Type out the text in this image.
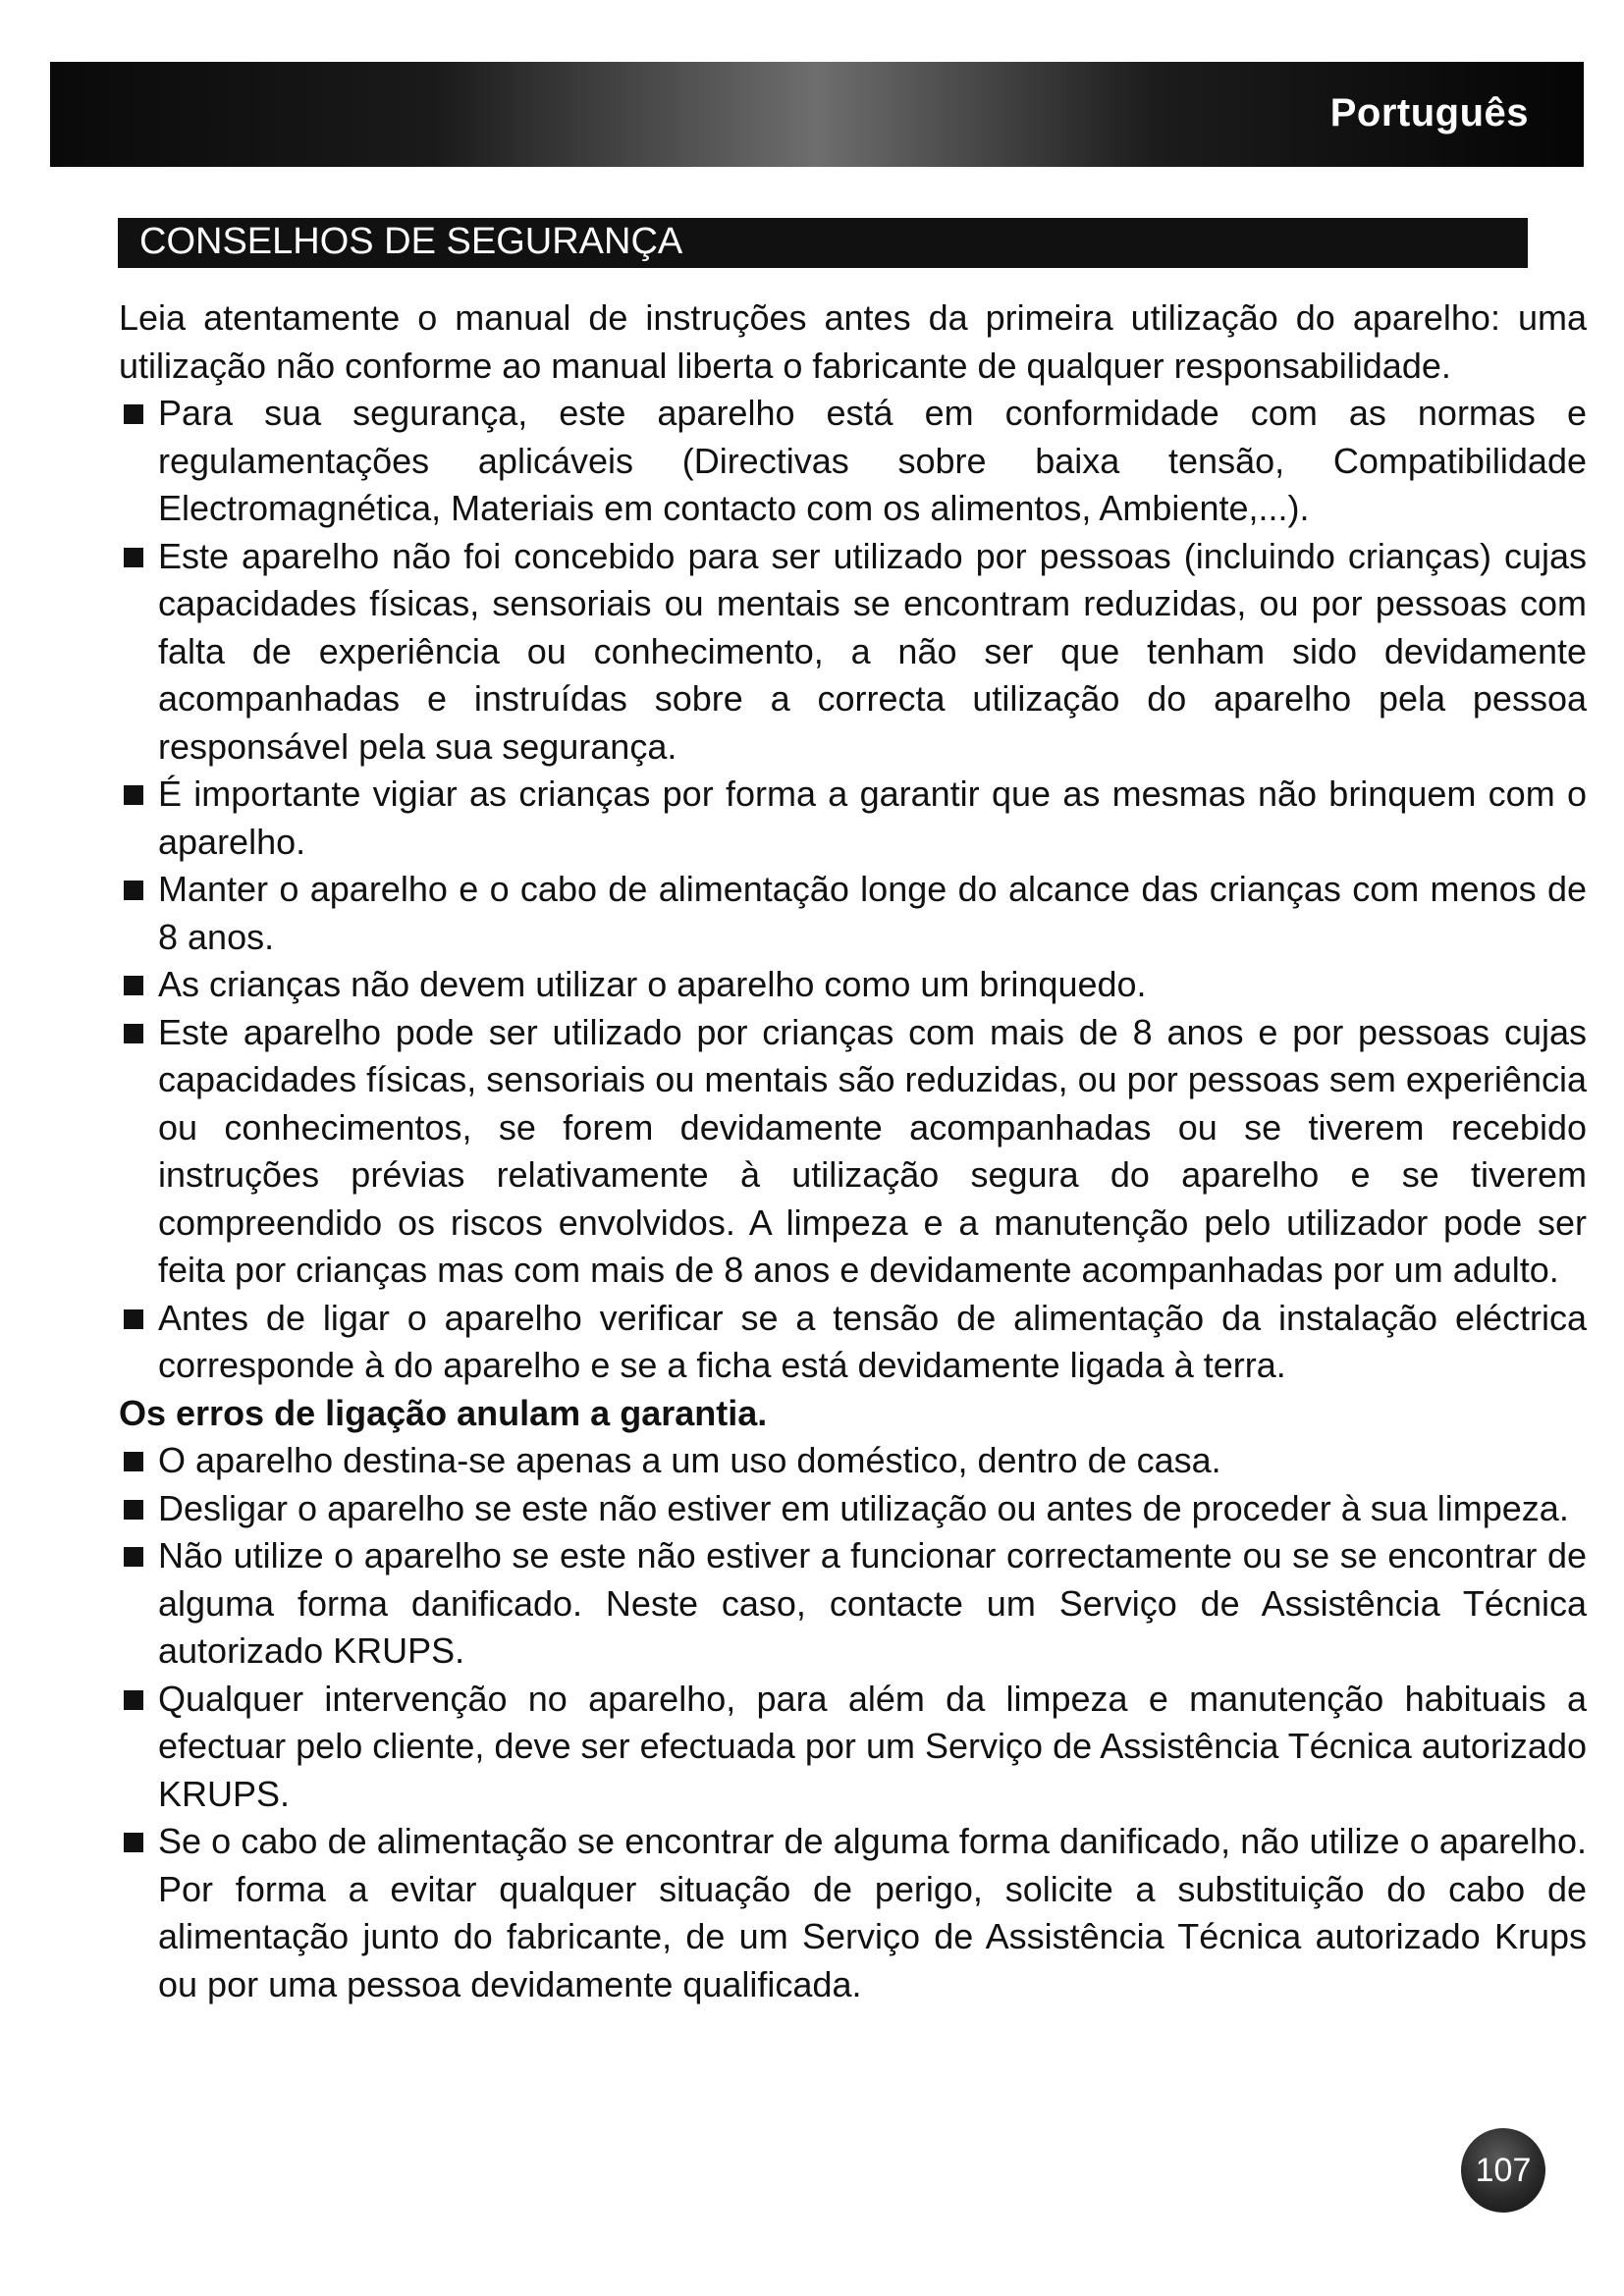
Português
CONSELHOS DE SEGURANÇA

Leia atentamente o manual de instruções antes da primeira utilização do aparelho: uma utilização não conforme ao manual liberta o fabricante de qualquer responsabilidade.

Para sua segurança, este aparelho está em conformidade com as normas e regulamentações aplicáveis (Directivas sobre baixa tensão, Compatibilidade Electromagnética, Materiais em contacto com os alimentos, Ambiente,...).

Este aparelho não foi concebido para ser utilizado por pessoas (incluindo crianças) cujas capacidades físicas, sensoriais ou mentais se encontram reduzidas, ou por pessoas com falta de experiência ou conhecimento, a não ser que tenham sido devidamente acompanhadas e instruídas sobre a correcta utilização do aparelho pela pessoa responsável pela sua segurança.

É importante vigiar as crianças por forma a garantir que as mesmas não brinquem com o aparelho.

Manter o aparelho e o cabo de alimentação longe do alcance das crianças com menos de 8 anos.

As crianças não devem utilizar o aparelho como um brinquedo.

Este aparelho pode ser utilizado por crianças com mais de 8 anos e por pessoas cujas capacidades físicas, sensoriais ou mentais são reduzidas, ou por pessoas sem experiência ou conhecimentos, se forem devidamente acompanhadas ou se tiverem recebido instruções prévias relativamente à utilização segura do aparelho e se tiverem compreendido os riscos envolvidos. A limpeza e a manutenção pelo utilizador pode ser feita por crianças mas com mais de 8 anos e devidamente acompanhadas por um adulto.

Antes de ligar o aparelho verificar se a tensão de alimentação da instalação eléctrica corresponde à do aparelho e se a ficha está devidamente ligada à terra.

Os erros de ligação anulam a garantia.

O aparelho destina-se apenas a um uso doméstico, dentro de casa.

Desligar o aparelho se este não estiver em utilização ou antes de proceder à sua limpeza.

Não utilize o aparelho se este não estiver a funcionar correctamente ou se se encontrar de alguma forma danificado. Neste caso, contacte um Serviço de Assistência Técnica autorizado KRUPS.

Qualquer intervenção no aparelho, para além da limpeza e manutenção habituais a efectuar pelo cliente, deve ser efectuada por um Serviço de Assistência Técnica autorizado KRUPS.

Se o cabo de alimentação se encontrar de alguma forma danificado, não utilize o aparelho. Por forma a evitar qualquer situação de perigo, solicite a substituição do cabo de alimentação junto do fabricante, de um Serviço de Assistência Técnica autorizado Krups ou por uma pessoa devidamente qualificada.

107
